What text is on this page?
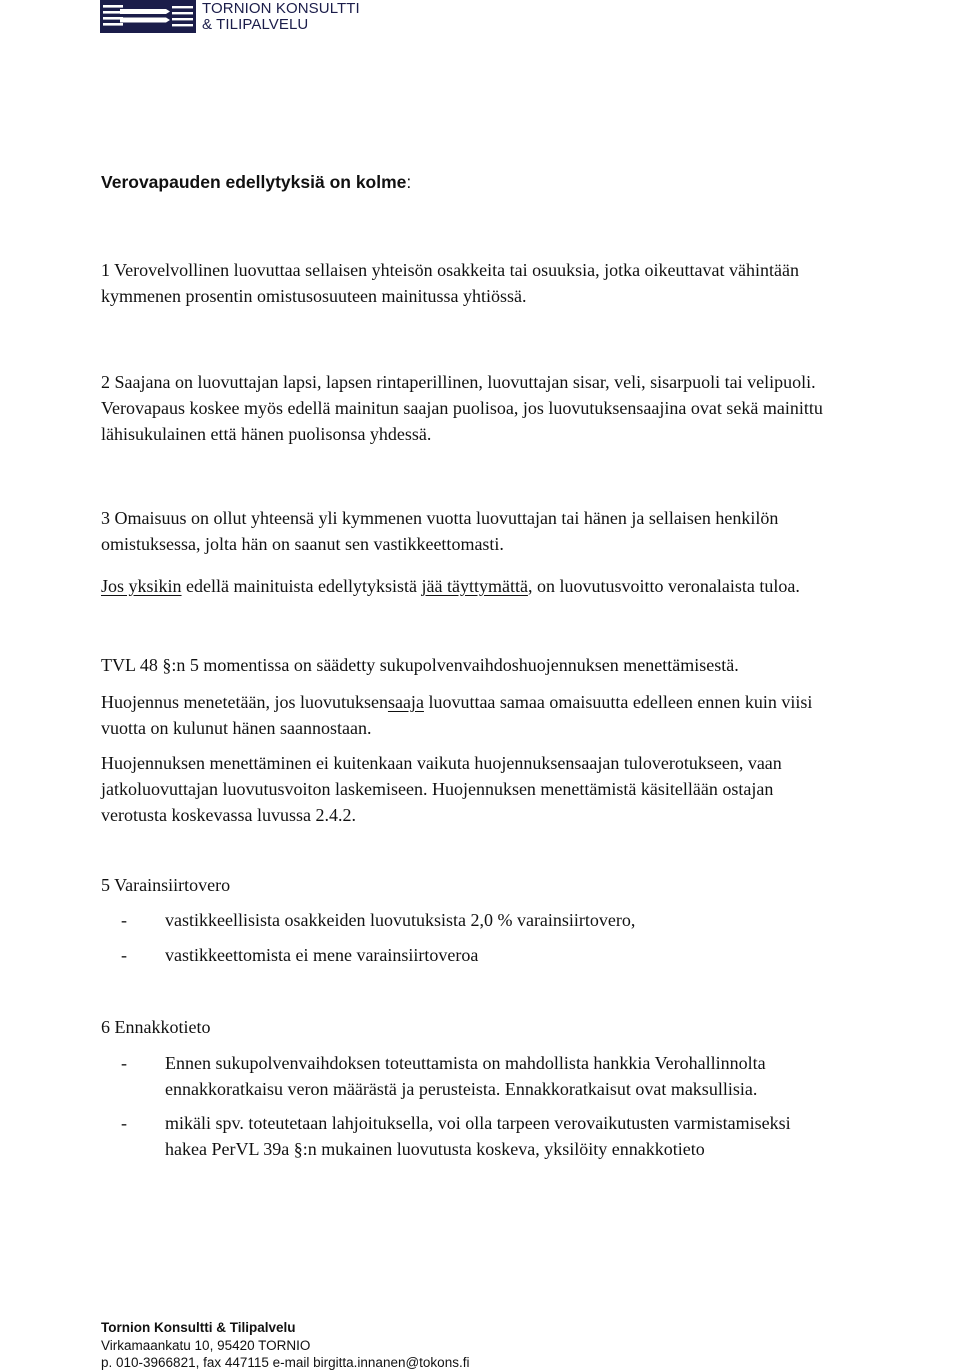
TORNION KONSULTTI
& TILIPALVELU
Verovapauden edellytyksiä on kolme:
1 Verovelvollinen luovuttaa sellaisen yhteisön osakkeita tai osuuksia, jotka oikeuttavat vähintään
kymmenen prosentin omistusosuuteen mainitussa yhtiössä.
2 Saajana on luovuttajan lapsi, lapsen rintaperillinen, luovuttajan sisar, veli, sisarpuoli tai velipuoli.
Verovapaus koskee myös edellä mainitun saajan puolisoa, jos luovutuksensaajina ovat sekä mainittu
lähisukulainen että hänen puolisonsa yhdessä.
3 Omaisuus on ollut yhteensä yli kymmenen vuotta luovuttajan tai hänen ja sellaisen henkilön
omistuksessa, jolta hän on saanut sen vastikkeettomasti.
Jos yksikin edellä mainituista edellytyksistä jää täyttymättä, on luovutusvoitto veronalaista tuloa.
TVL 48 §:n 5 momentissa on säädetty sukupolvenvaihdoshuojennuksen menettämisestä.
Huojennus menetetään, jos luovutuksensaaja luovuttaa samaa omaisuutta edelleen ennen kuin viisi
vuotta on kulunut hänen saannostaan.
Huojennuksen menettäminen ei kuitenkaan vaikuta huojennuksensaajan tuloverotukseen, vaan
jatkoluovuttajan luovutusvoiton laskemiseen. Huojennuksen menettämistä käsitellään ostajan
verotusta koskevassa luvussa 2.4.2.
5 Varainsiirtovero
- vastikkeellisista osakkeiden luovutuksista 2,0 % varainsiirtovero,
- vastikkeettomista ei mene varainsiirtoveroa
6 Ennakkotieto
- Ennen sukupolvenvaihdoksen toteuttamista on mahdollista hankkia Verohallinnolta
ennakkoratkaisu veron määrästä ja perusteista. Ennakkoratkaisut ovat maksullisia.
- mikäli spv. toteutetaan lahjoituksella, voi olla tarpeen verovaikutusten varmistamiseksi
hakea PerVL 39a §:n mukainen luovutusta koskeva, yksilöity ennakkotieto
Tornion Konsultti & Tilipalvelu
Virkamaankatu 10, 95420 TORNIO
p. 010-3966821, fax 447115 e-mail birgitta.innanen@tokons.fi
